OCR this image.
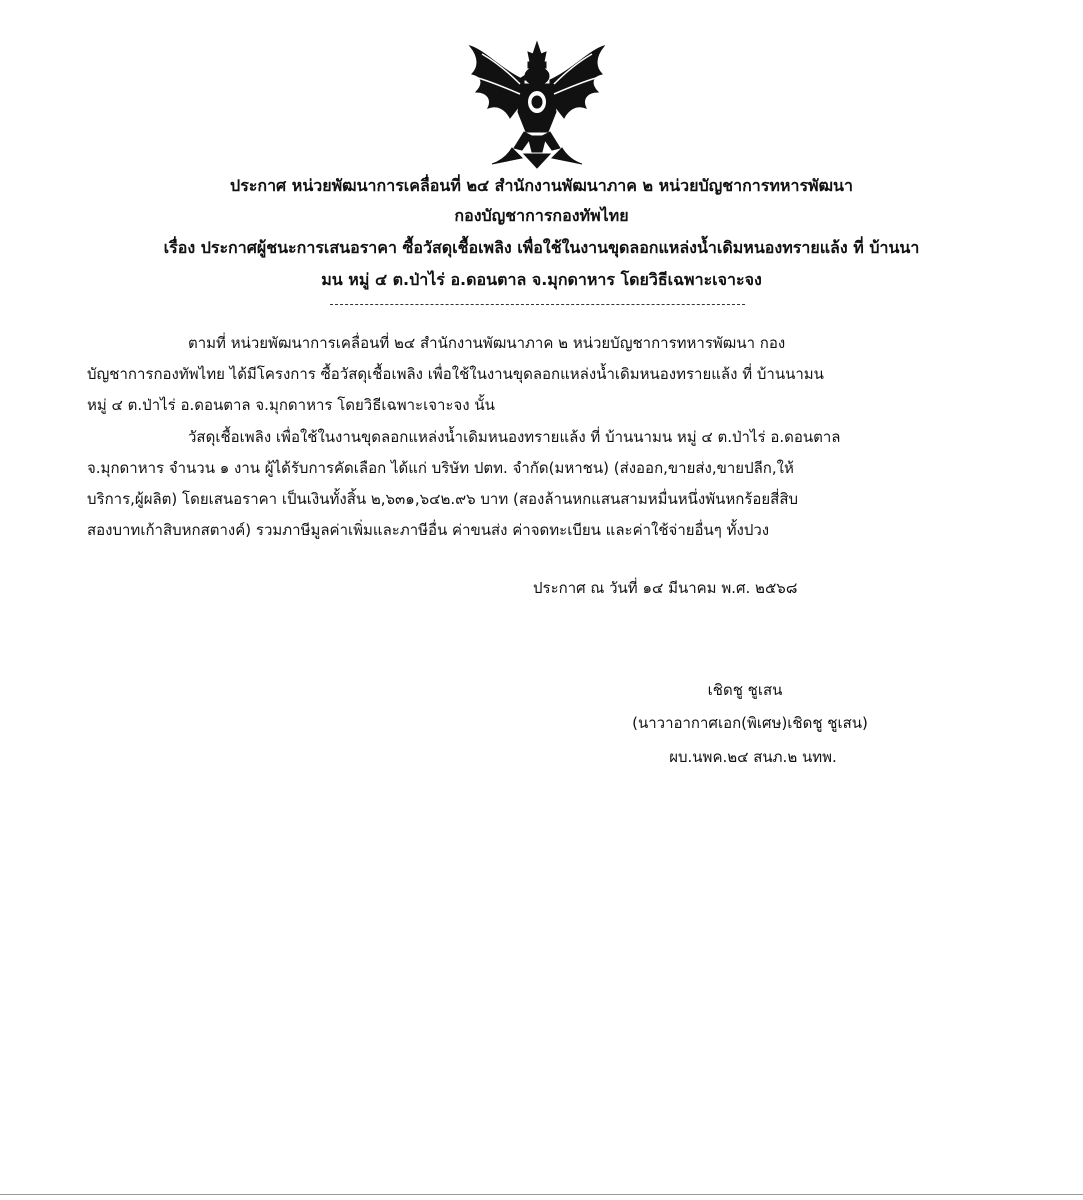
ประกาศ หน่วยพัฒนาการเคลื่อนที่ ๒๔ สำนักงานพัฒนาภาค ๒ หน่วยบัญชาการทหารพัฒนา
กองบัญชาการกองทัพไทย
เรื่อง ประกาศผู้ชนะการเสนอราคา ซื้อวัสดุเชื้อเพลิง เพื่อใช้ในงานขุดลอกแหล่งน้ำเดิมหนองทรายแล้ง ที่ บ้านนา
มน หมู่ ๔ ต.ป่าไร่ อ.ดอนตาล จ.มุกดาหาร โดยวิธีเฉพาะเจาะจง
ตามที่ หน่วยพัฒนาการเคลื่อนที่ ๒๔ สำนักงานพัฒนาภาค ๒ หน่วยบัญชาการทหารพัฒนา กอง
บัญชาการกองทัพไทย ได้มีโครงการ ซื้อวัสดุเชื้อเพลิง เพื่อใช้ในงานขุดลอกแหล่งน้ำเดิมหนองทรายแล้ง ที่ บ้านนามน
หมู่ ๔ ต.ป่าไร่ อ.ดอนตาล จ.มุกดาหาร โดยวิธีเฉพาะเจาะจง นั้น
วัสดุเชื้อเพลิง เพื่อใช้ในงานขุดลอกแหล่งน้ำเดิมหนองทรายแล้ง ที่ บ้านนามน หมู่ ๔ ต.ป่าไร่ อ.ดอนตาล
จ.มุกดาหาร จำนวน ๑ งาน ผู้ได้รับการคัดเลือก ได้แก่ บริษัท ปตท. จำกัด(มหาชน) (ส่งออก,ขายส่ง,ขายปลีก,ให้
บริการ,ผู้ผลิต) โดยเสนอราคา เป็นเงินทั้งสิ้น ๒,๖๓๑,๖๔๒.๙๖ บาท (สองล้านหกแสนสามหมื่นหนึ่งพันหกร้อยสี่สิบ
สองบาทเก้าสิบหกสตางค์) รวมภาษีมูลค่าเพิ่มและภาษีอื่น ค่าขนส่ง ค่าจดทะเบียน และค่าใช้จ่ายอื่นๆ ทั้งปวง
ประกาศ ณ วันที่ ๑๔ มีนาคม พ.ศ. ๒๕๖๘
เชิดชู ชูเสน
(นาวาอากาศเอก(พิเศษ)เชิดชู ชูเสน)
ผบ.นพค.๒๔ สนภ.๒ นทพ.
